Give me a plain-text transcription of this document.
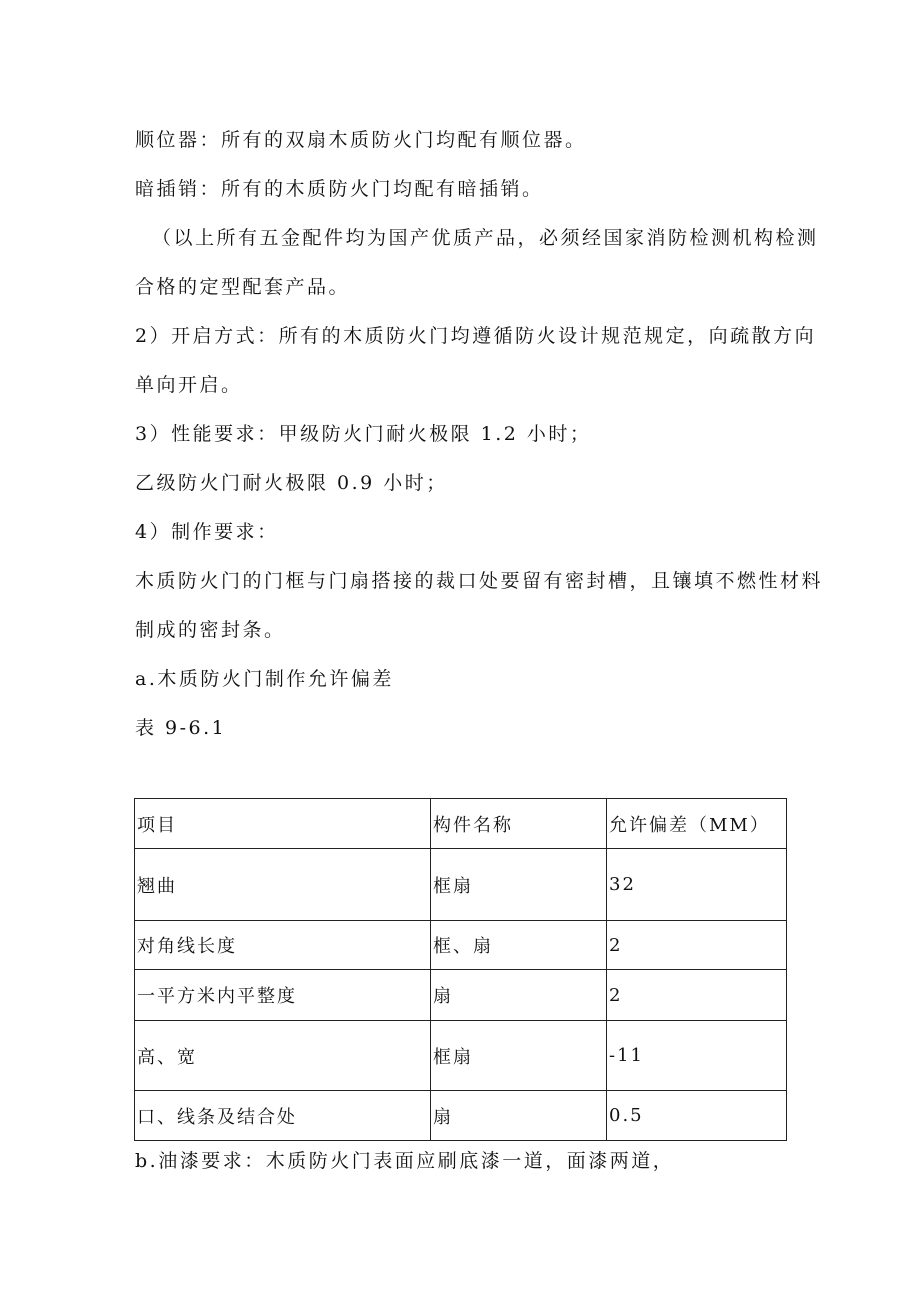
顺位器：所有的双扇木质防火门均配有顺位器。

暗插销：所有的木质防火门均配有暗插销。

（以上所有五金配件均为国产优质产品，必须经国家消防检测机构检测

合格的定型配套产品。

2）开启方式：所有的木质防火门均遵循防火设计规范规定，向疏散方向

单向开启。

3）性能要求：甲级防火门耐火极限 1.2 小时；

乙级防火门耐火极限 0.9 小时；

4）制作要求：

木质防火门的门框与门扇搭接的裁口处要留有密封槽，且镶填不燃性材料

制成的密封条。

a.木质防火门制作允许偏差

表 9-6.1

项目	构件名称	允许偏差（MM）
翘曲	框扇	32
对角线长度	框、扇	2
一平方米内平整度	扇	2
高、宽	框扇	-11
口、线条及结合处	扇	0.5

b.油漆要求：木质防火门表面应刷底漆一道，面漆两道，
